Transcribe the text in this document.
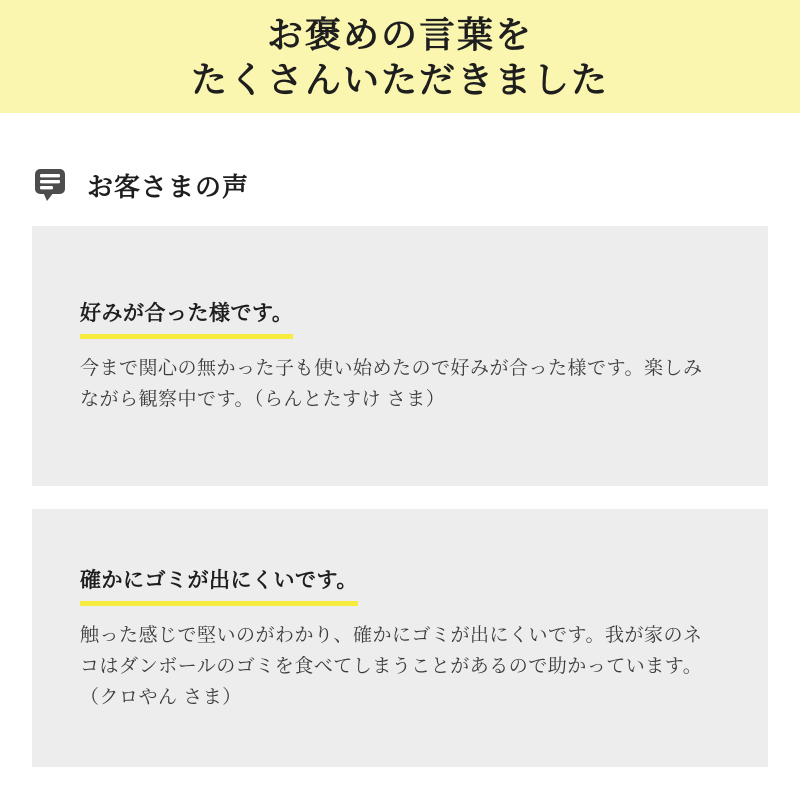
お褒めの言葉を
たくさんいただきました
お客さまの声
好みが合った様です。

今まで関心の無かった子も使い始めたので好みが合った様です。楽しみながら観察中です。（らんとたすけ さま）

確かにゴミが出にくいです。

触った感じで堅いのがわかり、確かにゴミが出にくいです。我が家のネコはダンボールのゴミを食べてしまうことがあるので助かっています。（クロやん さま）
